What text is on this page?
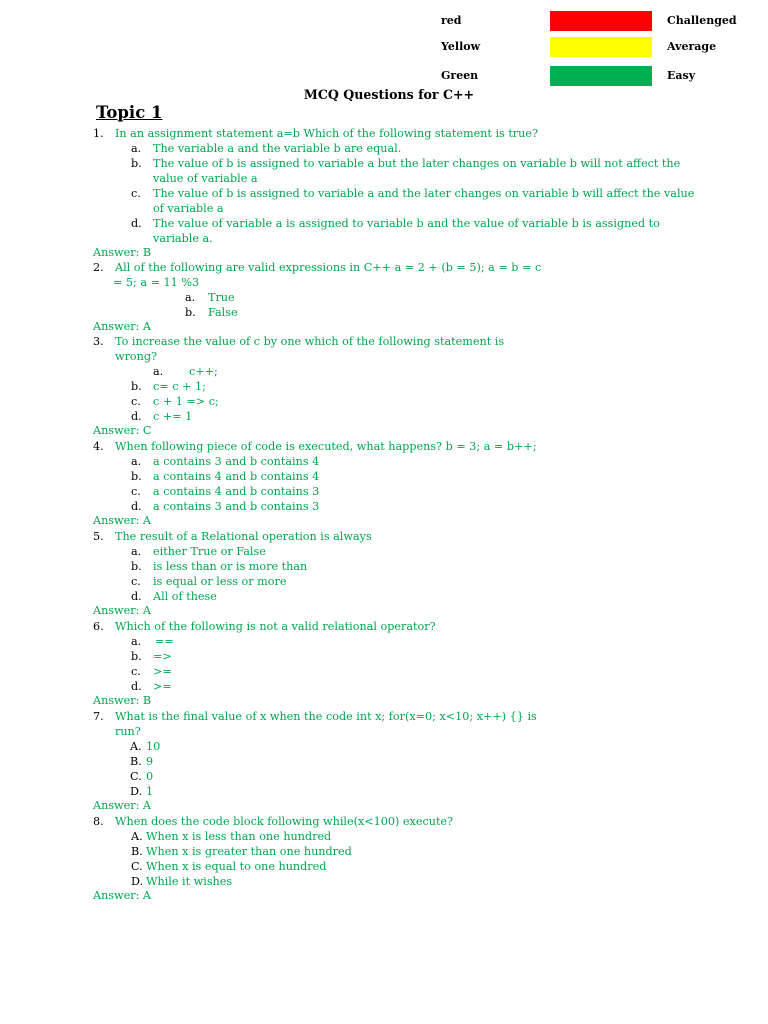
red	Challenged
Yellow	Average
Green	Easy
MCQ Questions for C++
Topic 1
1. In an assignment statement a=b Which of the following statement is true?
a. The variable a and the variable b are equal.
b. The value of b is assigned to variable a but the later changes on variable b will not affect the
value of variable a
c. The value of b is assigned to variable a and the later changes on variable b will affect the value
of variable a
d. The value of variable a is assigned to variable b and the value of variable b is assigned to
variable a.
Answer: B
2. All of the following are valid expressions in C++ a = 2 + (b = 5); a = b = c
= 5; a = 11 %3
a. True
b. False
Answer: A
3. To increase the value of c by one which of the following statement is
wrong?
a. c++;
b. c= c + 1;
c. c + 1 => c;
d. c += 1
Answer: C
4. When following piece of code is executed, what happens? b = 3; a = b++;
a. a contains 3 and b contains 4
b. a contains 4 and b contains 4
c. a contains 4 and b contains 3
d. a contains 3 and b contains 3
Answer: A
5. The result of a Relational operation is always
a. either True or False
b. is less than or is more than
c. is equal or less or more
d. All of these
Answer: A
6. Which of the following is not a valid relational operator?
a. ==
b. =>
c. >=
d. >=
Answer: B
7. What is the final value of x when the code int x; for(x=0; x<10; x++) {} is
run?
A. 10
B. 9
C. 0
D. 1
Answer: A
8. When does the code block following while(x<100) execute?
A. When x is less than one hundred
B. When x is greater than one hundred
C. When x is equal to one hundred
D. While it wishes
Answer: A
